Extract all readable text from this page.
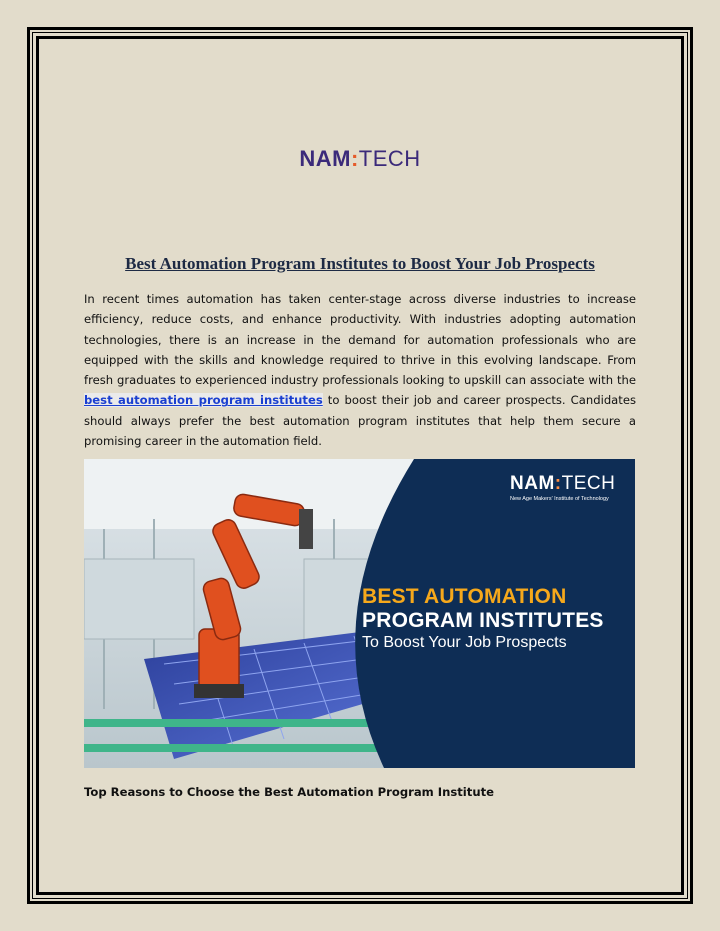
NAM:TECH
Best Automation Program Institutes to Boost Your Job Prospects

In recent times automation has taken center-stage across diverse industries to increase efficiency, reduce costs, and enhance productivity. With industries adopting automation technologies, there is an increase in the demand for automation professionals who are equipped with the skills and knowledge required to thrive in this evolving landscape. From fresh graduates to experienced industry professionals looking to upskill can associate with the best automation program institutes to boost their job and career prospects. Candidates should always prefer the best automation program institutes that help them secure a promising career in the automation field.

NAM:TECH
New Age Makers' Institute of Technology
BEST AUTOMATION
PROGRAM INSTITUTES
To Boost Your Job Prospects
Top Reasons to Choose the Best Automation Program Institute
